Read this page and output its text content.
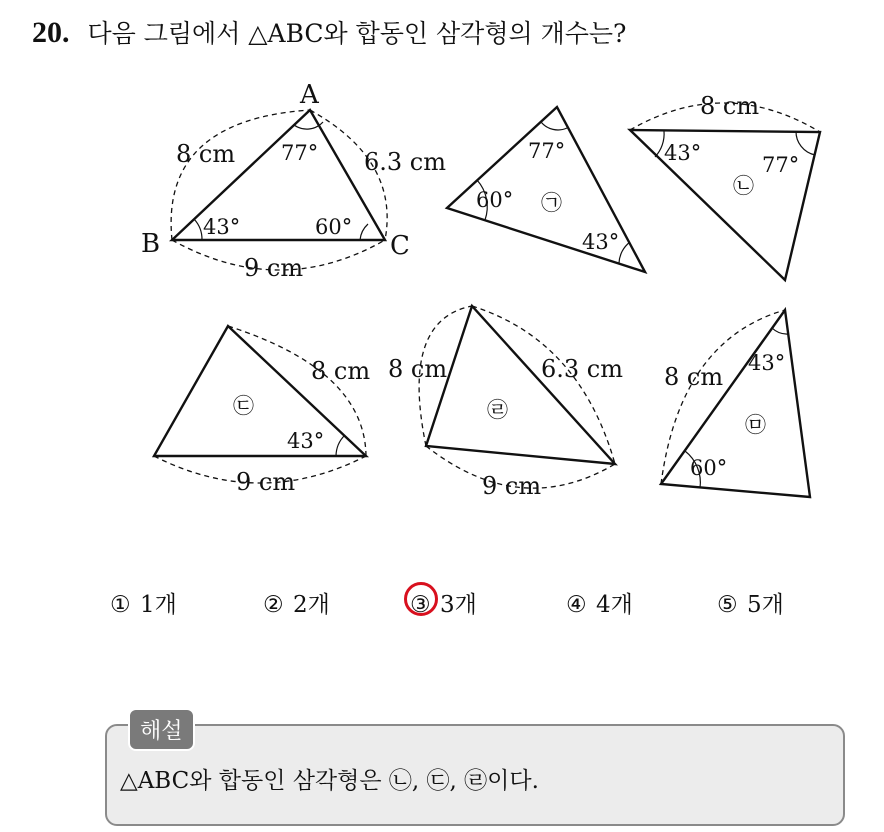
20. 다음 그림에서 △ABC와 합동인 삼각형의 개수는?
A
B	C
8 cm	6.3 cm
9 cm
77°
43°	60°
77°
60°
43°
㉠
8 cm
43°	77°
㉡
8 cm
9 cm
43°
㉢
8 cm	6.3 cm
9 cm
㉣
8 cm 43°
60°
㉤
① 1개	② 2개	③ 3개	④ 4개	⑤ 5개
해설
△ABC와 합동인 삼각형은 ㉡, ㉢, ㉣이다.
